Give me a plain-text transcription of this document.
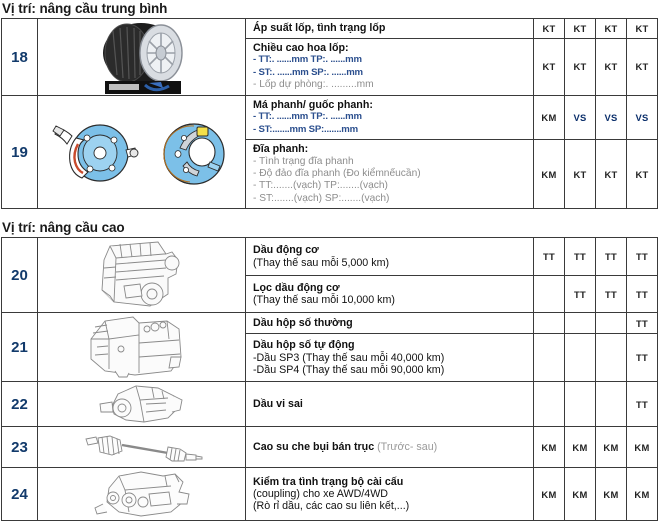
Vị trí: nâng cầu trung bình
18		Áp suất lốp, tình trạng lốp	KT	KT	KT	KT

		Chiều cao hoa lốp:
- TT:. ......mm TP:. ......mm
- ST:. ......mm SP:. ......mm
- Lốp dự phòng:. .........mm	KT	KT	KT	KT

19		Má phanh/ guốc phanh:
- TT:. ......mm TP:. ......mm
- ST:.......mm SP:.......mm	KM	VS	VS	VS

		Đĩa phanh:
- Tình trạng đĩa phanh
- Độ đảo đĩa phanh (Đo kiểmnếucần)
- TT:.......(vạch) TP:.......(vạch)
- ST:.......(vạch) SP:.......(vạch)	KM	KT	KT	KT
Vị trí: nâng cầu cao
20		Dầu động cơ
(Thay thế sau mỗi 5,000 km)	TT	TT	TT	TT

		Lọc dầu động cơ
(Thay thế sau mỗi 10,000 km)		TT	TT	TT

21		Dầu hộp số thường				TT

		Dầu hộp số tự động
-Dầu SP3 (Thay thế sau mỗi 40,000 km)
-Dầu SP4 (Thay thế sau mỗi 90,000 km)				TT

22		Dầu vi sai				TT

23		Cao su che bụi bán trục (Trước- sau)	KM	KM	KM	KM

24		Kiểm tra tình trạng bộ cài cấu
(coupling) cho xe AWD/4WD
(Rò rỉ dầu, các cao su liên kết,...)	KM	KM	KM	KM
